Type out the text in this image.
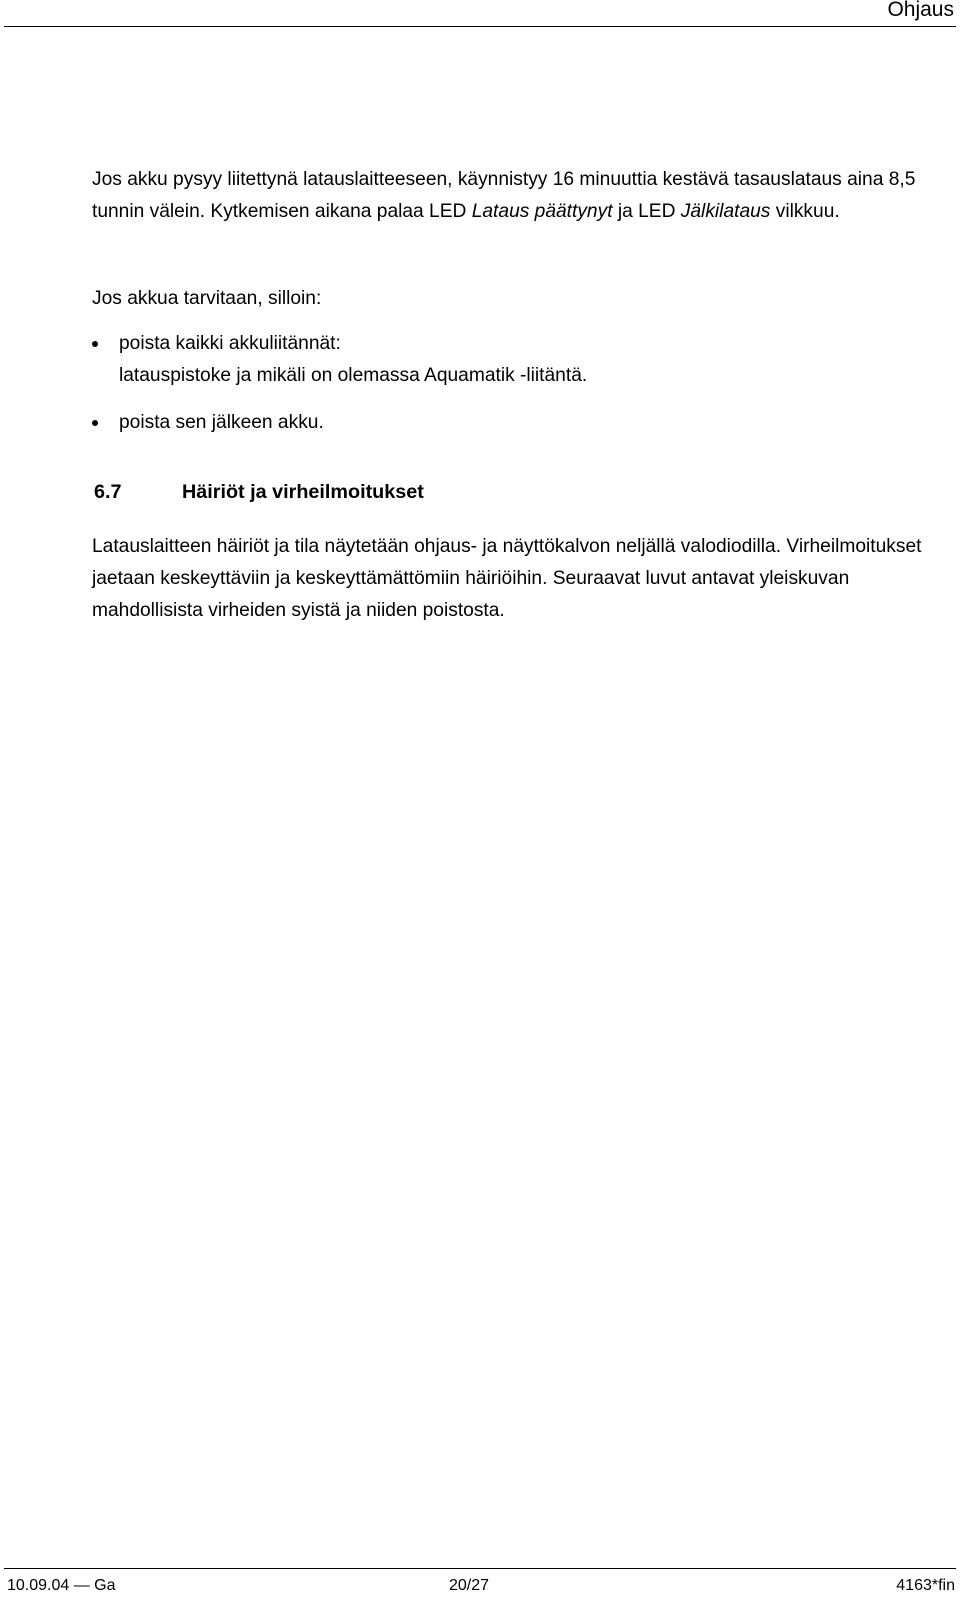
Ohjaus

Jos akku pysyy liitettynä latauslaitteeseen, käynnistyy 16 minuuttia kestävä tasauslataus aina 8,5 tunnin välein. Kytkemisen aikana palaa LED Lataus päättynyt ja LED Jälkilataus vilkkuu.

Jos akkua tarvitaan, silloin:

poista kaikki akkuliitännät:
latauspistoke ja mikäli on olemassa Aquamatik -liitäntä.
poista sen jälkeen akku.
6.7	Häiriöt ja virheilmoitukset

Latauslaitteen häiriöt ja tila näytetään ohjaus- ja näyttökalvon neljällä valodiodilla. Virheilmoitukset jaetaan keskeyttäviin ja keskeyttämättömiin häiriöihin. Seuraavat luvut antavat yleiskuvan mahdollisista virheiden syistä ja niiden poistosta.

10.09.04 — Ga	20/27	4163*fin
